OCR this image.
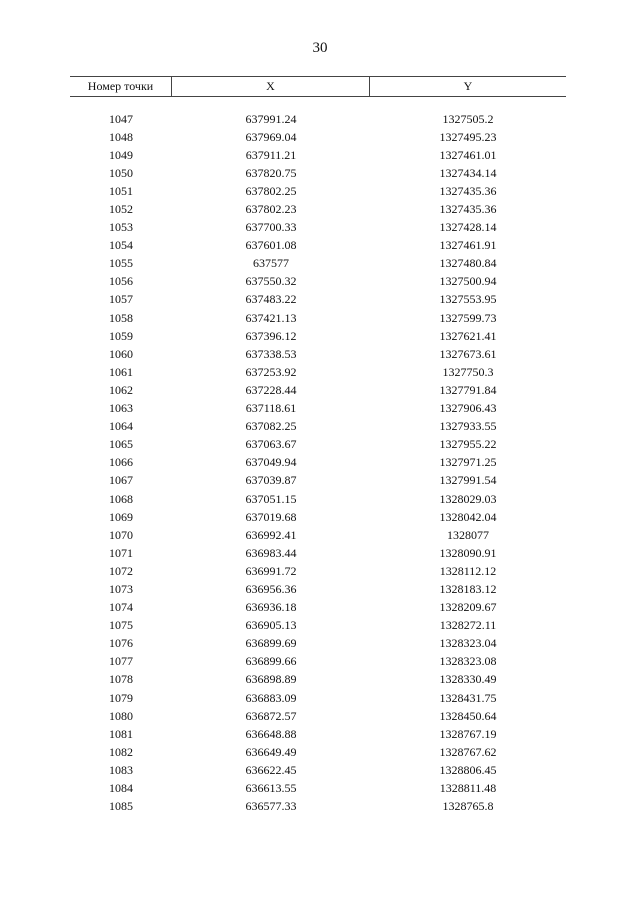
30
Номер точки	X	Y
1047	637991.24	1327505.2
1048	637969.04	1327495.23
1049	637911.21	1327461.01
1050	637820.75	1327434.14
1051	637802.25	1327435.36
1052	637802.23	1327435.36
1053	637700.33	1327428.14
1054	637601.08	1327461.91
1055	637577	1327480.84
1056	637550.32	1327500.94
1057	637483.22	1327553.95
1058	637421.13	1327599.73
1059	637396.12	1327621.41
1060	637338.53	1327673.61
1061	637253.92	1327750.3
1062	637228.44	1327791.84
1063	637118.61	1327906.43
1064	637082.25	1327933.55
1065	637063.67	1327955.22
1066	637049.94	1327971.25
1067	637039.87	1327991.54
1068	637051.15	1328029.03
1069	637019.68	1328042.04
1070	636992.41	1328077
1071	636983.44	1328090.91
1072	636991.72	1328112.12
1073	636956.36	1328183.12
1074	636936.18	1328209.67
1075	636905.13	1328272.11
1076	636899.69	1328323.04
1077	636899.66	1328323.08
1078	636898.89	1328330.49
1079	636883.09	1328431.75
1080	636872.57	1328450.64
1081	636648.88	1328767.19
1082	636649.49	1328767.62
1083	636622.45	1328806.45
1084	636613.55	1328811.48
1085	636577.33	1328765.8
